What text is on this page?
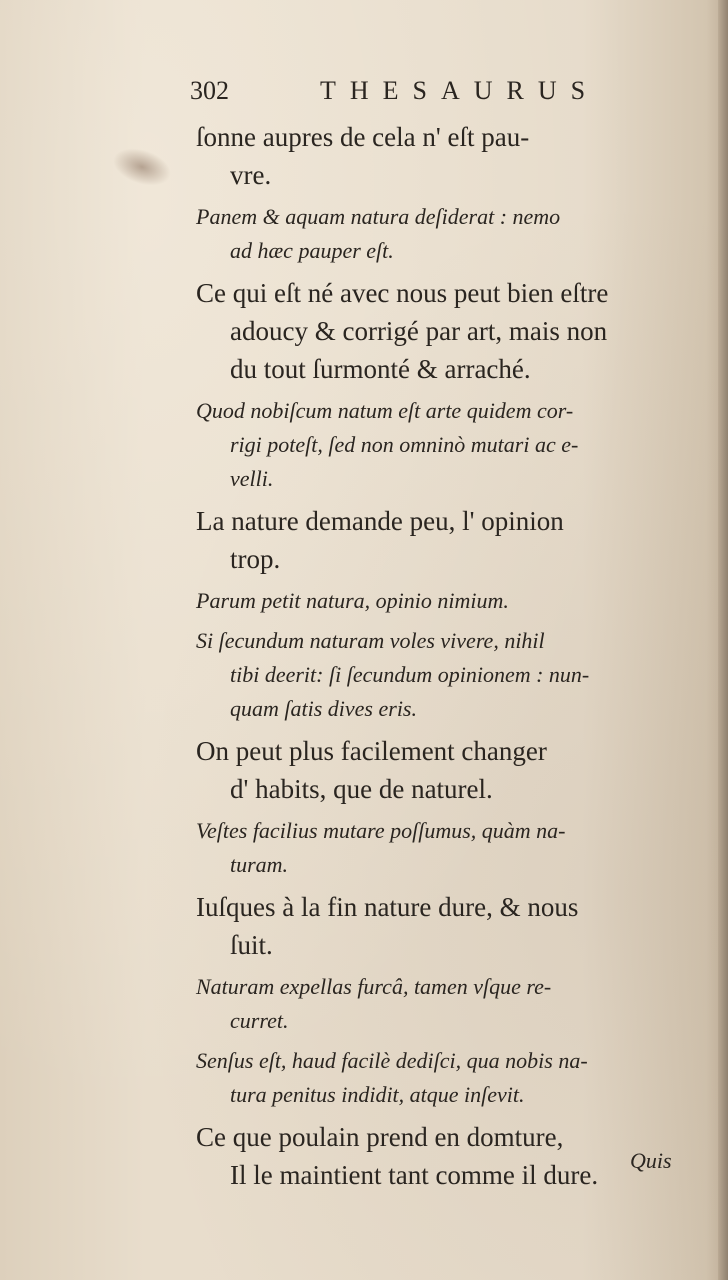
302	THESAURUS
ſonne aupres de cela n' eſt pau-
vre.
Panem & aquam natura deſiderat : nemo
ad hæc pauper eſt.
Ce qui eſt né avec nous peut bien eſtre
adoucy & corrigé par art, mais non
du tout ſurmonté & arraché.
Quod nobiſcum natum eſt arte quidem cor-
rigi poteſt, ſed non omninò mutari ac e-
velli.
La nature demande peu, l' opinion
trop.
Parum petit natura, opinio nimium.
Si ſecundum naturam voles vivere, nihil
tibi deerit: ſi ſecundum opinionem : nun-
quam ſatis dives eris.
On peut plus facilement changer
d' habits, que de naturel.
Veſtes facilius mutare poſſumus, quàm na-
turam.
Iuſques à la fin nature dure, & nous
ſuit.
Naturam expellas furcâ, tamen vſque re-
curret.
Senſus eſt, haud facilè dediſci, qua nobis na-
tura penitus indidit, atque inſevit.
Ce que poulain prend en domture,
Il le maintient tant comme il dure.	Quis
